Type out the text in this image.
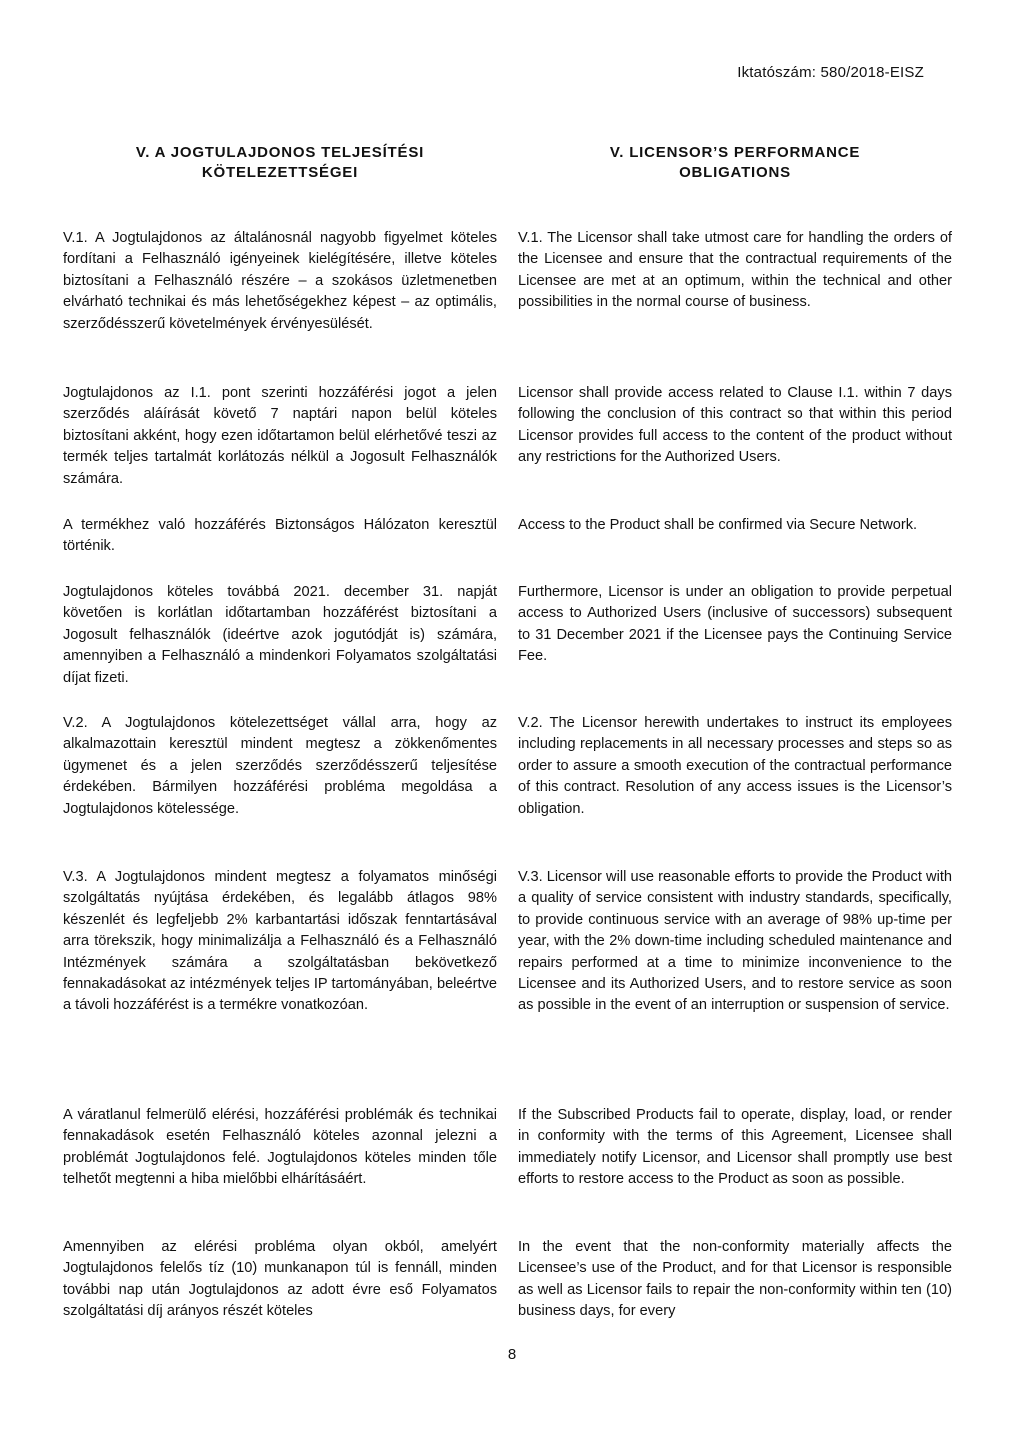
Iktatószám: 580/2018-EISZ
V. A JOGTULAJDONOS TELJESÍTÉSI
KÖTELEZETTSÉGEI
V. LICENSOR’S PERFORMANCE
OBLIGATIONS

V.1. A Jogtulajdonos az általánosnál nagyobb figyelmet köteles fordítani a Felhasználó igényeinek kielégítésére, illetve köteles biztosítani a Felhasználó részére – a szokásos üzletmenetben elvárható technikai és más lehetőségekhez képest – az optimális, szerződésszerű követelmények érvényesülését.

V.1. The Licensor shall take utmost care for handling the orders of the Licensee and ensure that the contractual requirements of the Licensee are met at an optimum, within the technical and other possibilities in the normal course of business.

Jogtulajdonos az I.1. pont szerinti hozzáférési jogot a jelen szerződés aláírását követő 7 naptári napon belül köteles biztosítani akként, hogy ezen időtartamon belül elérhetővé teszi az termék teljes tartalmát korlátozás nélkül a Jogosult Felhasználók számára.

Licensor shall provide access related to Clause I.1. within 7 days following the conclusion of this contract so that within this period Licensor provides full access to the content of the product without any restrictions for the Authorized Users.

A termékhez való hozzáférés Biztonságos Hálózaton keresztül történik.

Access to the Product shall be confirmed via Secure Network.

Jogtulajdonos köteles továbbá 2021. december 31. napját követően is korlátlan időtartamban hozzáférést biztosítani a Jogosult felhasználók (ideértve azok jogutódját is) számára, amennyiben a Felhasználó a mindenkori Folyamatos szolgáltatási díjat fizeti.

Furthermore, Licensor is under an obligation to provide perpetual access to Authorized Users (inclusive of successors) subsequent to 31 December 2021 if the Licensee pays the Continuing Service Fee.

V.2. A Jogtulajdonos kötelezettséget vállal arra, hogy az alkalmazottain keresztül mindent megtesz a zökkenőmentes ügymenet és a jelen szerződés szerződésszerű teljesítése érdekében. Bármilyen hozzáférési probléma megoldása a Jogtulajdonos kötelessége.

V.2. The Licensor herewith undertakes to instruct its employees including replacements in all necessary processes and steps so as order to assure a smooth execution of the contractual performance of this contract. Resolution of any access issues is the Licensor’s obligation.

V.3. A Jogtulajdonos mindent megtesz a folyamatos minőségi szolgáltatás nyújtása érdekében, és legalább átlagos 98% készenlét és legfeljebb 2% karbantartási időszak fenntartásával arra törekszik, hogy minimalizálja a Felhasználó és a Felhasználó Intézmények számára a szolgáltatásban bekövetkező fennakadásokat az intézmények teljes IP tartományában, beleértve a távoli hozzáférést is a termékre vonatkozóan.

V.3. Licensor will use reasonable efforts to provide the Product with a quality of service consistent with industry standards, specifically, to provide continuous service with an average of 98% up-time per year, with the 2% down-time including scheduled maintenance and repairs performed at a time to minimize inconvenience to the Licensee and its Authorized Users, and to restore service as soon as possible in the event of an interruption or suspension of service.

A váratlanul felmerülő elérési, hozzáférési problémák és technikai fennakadások esetén Felhasználó köteles azonnal jelezni a problémát Jogtulajdonos felé. Jogtulajdonos köteles minden tőle telhetőt megtenni a hiba mielőbbi elhárításáért.

If the Subscribed Products fail to operate, display, load, or render in conformity with the terms of this Agreement, Licensee shall immediately notify Licensor, and Licensor shall promptly use best efforts to restore access to the Product as soon as possible.

Amennyiben az elérési probléma olyan okból, amelyért Jogtulajdonos felelős tíz (10) munkanapon túl is fennáll, minden további nap után Jogtulajdonos az adott évre eső Folyamatos szolgáltatási díj arányos részét köteles

In the event that the non-conformity materially affects the Licensee’s use of the Product, and for that Licensor is responsible as well as Licensor fails to repair the non-conformity within ten (10) business days, for every

8
